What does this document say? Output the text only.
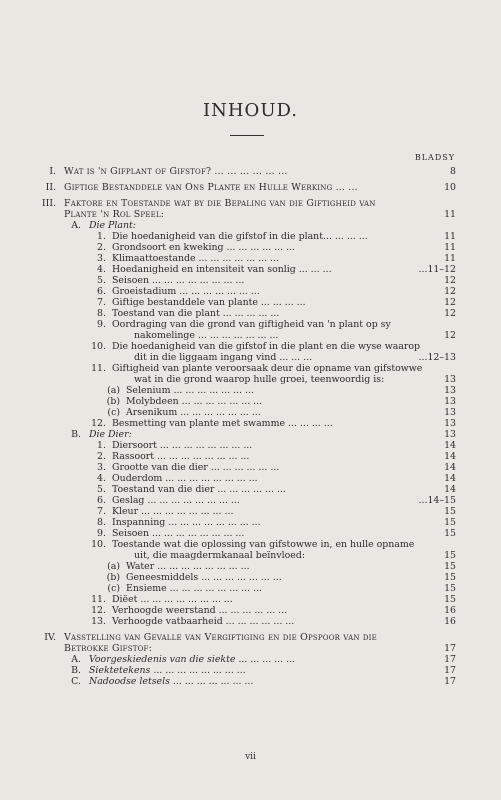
INHOUD.
BLADSY
I. Wat is 'n Gifplant of Gifstof? ... ... ... ... ... ...	8
II. Giftige Bestanddele van Ons Plante en Hulle Werking ... ...	10
III. Faktore en Toestande wat by die Bepaling van die Giftigheid van
Plante 'n Rol Speel:	11
A. Die Plant:
1. Die hoedanigheid van die gifstof in die plant... ... ... ...	11
2. Grondsoort en kweking ... ... ... ... ... ...	11
3. Klimaattoestande ... ... ... ... ... ... ...	11
4. Hoedanigheid en intensiteit van sonlig ... ... ...	...11–12
5. Seisoen ... ... ... ... ... ... ... ...	12
6. Groeistadium ... ... ... ... ... ... ...	12
7. Giftige bestanddele van plante ... ... ... ...	12
8. Toestand van die plant ... ... ... ... ...	12
9. Oordraging van die grond van giftigheid van 'n plant op sy
nakomelinge ... ... ... ... ... ... ...	12
10. Die hoedanigheid van die gifstof in die plant en die wyse waarop
dit in die liggaam ingang vind ... ... ...	...12–13
11. Giftigheid van plante veroorsaak deur die opname van gifstowwe
wat in die grond waarop hulle groei, teenwoordig is:	13
(a) Selenium ... ... ... ... ... ... ...	13
(b) Molybdeen ... ... ... ... ... ... ...	13
(c) Arsenikum ... ... ... ... ... ... ...	13
12. Besmetting van plante met swamme ... ... ... ...	13
B. Die Dier:	13
1. Diersoort ... ... ... ... ... ... ... ...	14
2. Rassoort ... ... ... ... ... ... ... ...	14
3. Grootte van die dier ... ... ... ... ... ...	14
4. Ouderdom ... ... ... ... ... ... ... ...	14
5. Toestand van die dier ... ... ... ... ... ...	14
6. Geslag ... ... ... ... ... ... ... ...	...14–15
7. Kleur ... ... ... ... ... ... ... ...	15
8. Inspanning ... ... ... ... ... ... ... ...	15
9. Seisoen ... ... ... ... ... ... ... ...	15
10. Toestande wat die oplossing van gifstowwe in, en hulle opname
uit, die maagdermkanaal beïnvloed:	15
(a) Water ... ... ... ... ... ... ... ...	15
(b) Geneesmiddels ... ... ... ... ... ... ...	15
(c) Ensieme ... ... ... ... ... ... ... ...	15
11. Diëet ... ... ... ... ... ... ... ...	15
12. Verhoogde weerstand ... ... ... ... ... ...	16
13. Verhoogde vatbaarheid ... ... ... ... ... ...	16
IV. Vasstelling van Gevalle van Vergiftiging en die Opspoor van die
Betrokke Gifstof:	17
A. Voorgeskiedenis van die siekte ... ... ... ... ...	17
B. Siektetekens ... ... ... ... ... ... ... ...	17
C. Nadoodse letsels ... ... ... ... ... ... ...	17
vii
